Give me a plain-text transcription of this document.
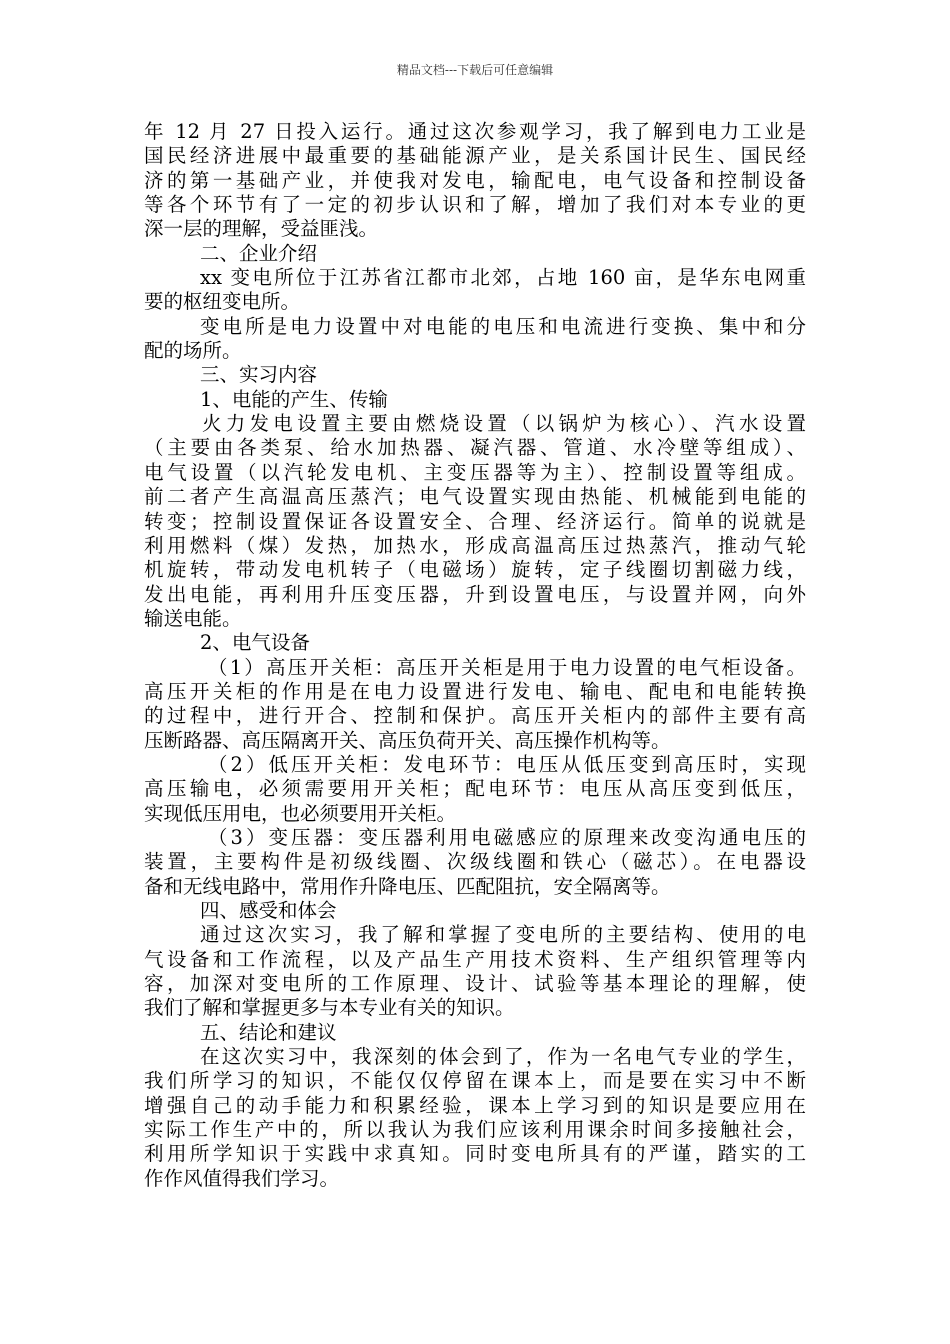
精品文档---下载后可任意编辑
年 12 月 27 日投入运行。通过这次参观学习，我了解到电力工业是
国民经济进展中最重要的基础能源产业，是关系国计民生、国民经
济的第一基础产业，并使我对发电，输配电，电气设备和控制设备
等各个环节有了一定的初步认识和了解，增加了我们对本专业的更
深一层的理解，受益匪浅。
二、企业介绍
xx 变电所位于江苏省江都市北郊，占地 160 亩，是华东电网重
要的枢纽变电所。
变电所是电力设置中对电能的电压和电流进行变换、集中和分
配的场所。
三、实习内容
1、电能的产生、传输
火力发电设置主要由燃烧设置（以锅炉为核心）、汽水设置
（主要由各类泵、给水加热器、凝汽器、管道、水冷壁等组成）、
电气设置（以汽轮发电机、主变压器等为主）、控制设置等组成。
前二者产生高温高压蒸汽；电气设置实现由热能、机械能到电能的
转变；控制设置保证各设置安全、合理、经济运行。简单的说就是
利用燃料（煤）发热，加热水，形成高温高压过热蒸汽，推动气轮
机旋转，带动发电机转子（电磁场）旋转，定子线圈切割磁力线，
发出电能，再利用升压变压器，升到设置电压，与设置并网，向外
输送电能。
2、电气设备
（1）高压开关柜：高压开关柜是用于电力设置的电气柜设备。
高压开关柜的作用是在电力设置进行发电、输电、配电和电能转换
的过程中，进行开合、控制和保护。高压开关柜内的部件主要有高
压断路器、高压隔离开关、高压负荷开关、高压操作机构等。
（2）低压开关柜：发电环节：电压从低压变到高压时，实现
高压输电，必须需要用开关柜；配电环节：电压从高压变到低压，
实现低压用电，也必须要用开关柜。
（3）变压器：变压器利用电磁感应的原理来改变沟通电压的
装置，主要构件是初级线圈、次级线圈和铁心（磁芯）。在电器设
备和无线电路中，常用作升降电压、匹配阻抗，安全隔离等。
四、感受和体会
通过这次实习，我了解和掌握了变电所的主要结构、使用的电
气设备和工作流程，以及产品生产用技术资料、生产组织管理等内
容，加深对变电所的工作原理、设计、试验等基本理论的理解，使
我们了解和掌握更多与本专业有关的知识。
五、结论和建议
在这次实习中，我深刻的体会到了，作为一名电气专业的学生，
我们所学习的知识，不能仅仅停留在课本上，而是要在实习中不断
增强自己的动手能力和积累经验，课本上学习到的知识是要应用在
实际工作生产中的，所以我认为我们应该利用课余时间多接触社会，
利用所学知识于实践中求真知。同时变电所具有的严谨，踏实的工
作作风值得我们学习。
